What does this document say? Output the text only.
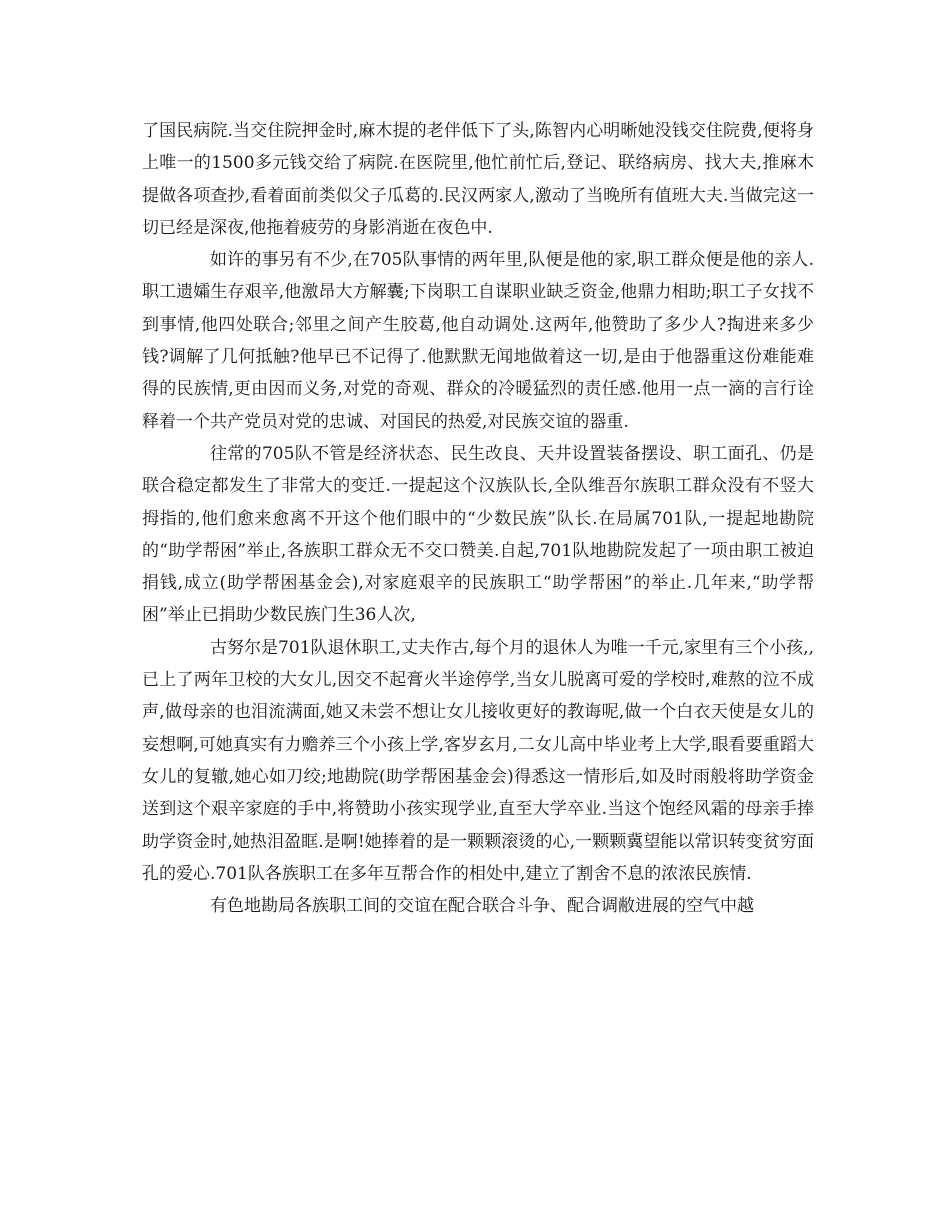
了国民病院.当交住院押金时,麻木提的老伴低下了头,陈智内心明晰她没钱交住院费,便将身上唯一的1500多元钱交给了病院.在医院里,他忙前忙后,登记、联络病房、找大夫,推麻木提做各项查抄,看着面前类似父子瓜葛的.民汉两家人,激动了当晚所有值班大夫.当做完这一切已经是深夜,他拖着疲劳的身影消逝在夜色中.

如许的事另有不少,在705队事情的两年里,队便是他的家,职工群众便是他的亲人.职工遗孀生存艰辛,他激昂大方解囊;下岗职工自谋职业缺乏资金,他鼎力相助;职工子女找不到事情,他四处联合;邻里之间产生胶葛,他自动调处.这两年,他赞助了多少人?掏进来多少钱?调解了几何抵触?他早已不记得了.他默默无闻地做着这一切,是由于他器重这份难能难得的民族情,更由因而义务,对党的奇观、群众的冷暖猛烈的责任感.他用一点一滴的言行诠释着一个共产党员对党的忠诚、对国民的热爱,对民族交谊的器重.

往常的705队不管是经济状态、民生改良、天井设置装备摆设、职工面孔、仍是联合稳定都发生了非常大的变迁.一提起这个汉族队长,全队维吾尔族职工群众没有不竖大拇指的,他们愈来愈离不开这个他们眼中的“少数民族”队长.在局属701队,一提起地勘院的“助学帮困”举止,各族职工群众无不交口赞美.自起,701队地勘院发起了一项由职工被迫捐钱,成立(助学帮困基金会),对家庭艰辛的民族职工“助学帮困”的举止.几年来,“助学帮困”举止已捐助少数民族门生36人次,

古努尔是701队退休职工,丈夫作古,每个月的退休人为唯一千元,家里有三个小孩,,已上了两年卫校的大女儿,因交不起膏火半途停学,当女儿脱离可爱的学校时,难熬的泣不成声,做母亲的也泪流满面,她又未尝不想让女儿接收更好的教诲呢,做一个白衣天使是女儿的妄想啊,可她真实有力赡养三个小孩上学,客岁玄月,二女儿高中毕业考上大学,眼看要重蹈大女儿的复辙,她心如刀绞;地勘院(助学帮困基金会)得悉这一情形后,如及时雨般将助学资金送到这个艰辛家庭的手中,将赞助小孩实现学业,直至大学卒业.当这个饱经风霜的母亲手捧助学资金时,她热泪盈眶.是啊!她捧着的是一颗颗滚烫的心,一颗颗冀望能以常识转变贫穷面孔的爱心.701队各族职工在多年互帮合作的相处中,建立了割舍不息的浓浓民族情.

有色地勘局各族职工间的交谊在配合联合斗争、配合调敝进展的空气中越
